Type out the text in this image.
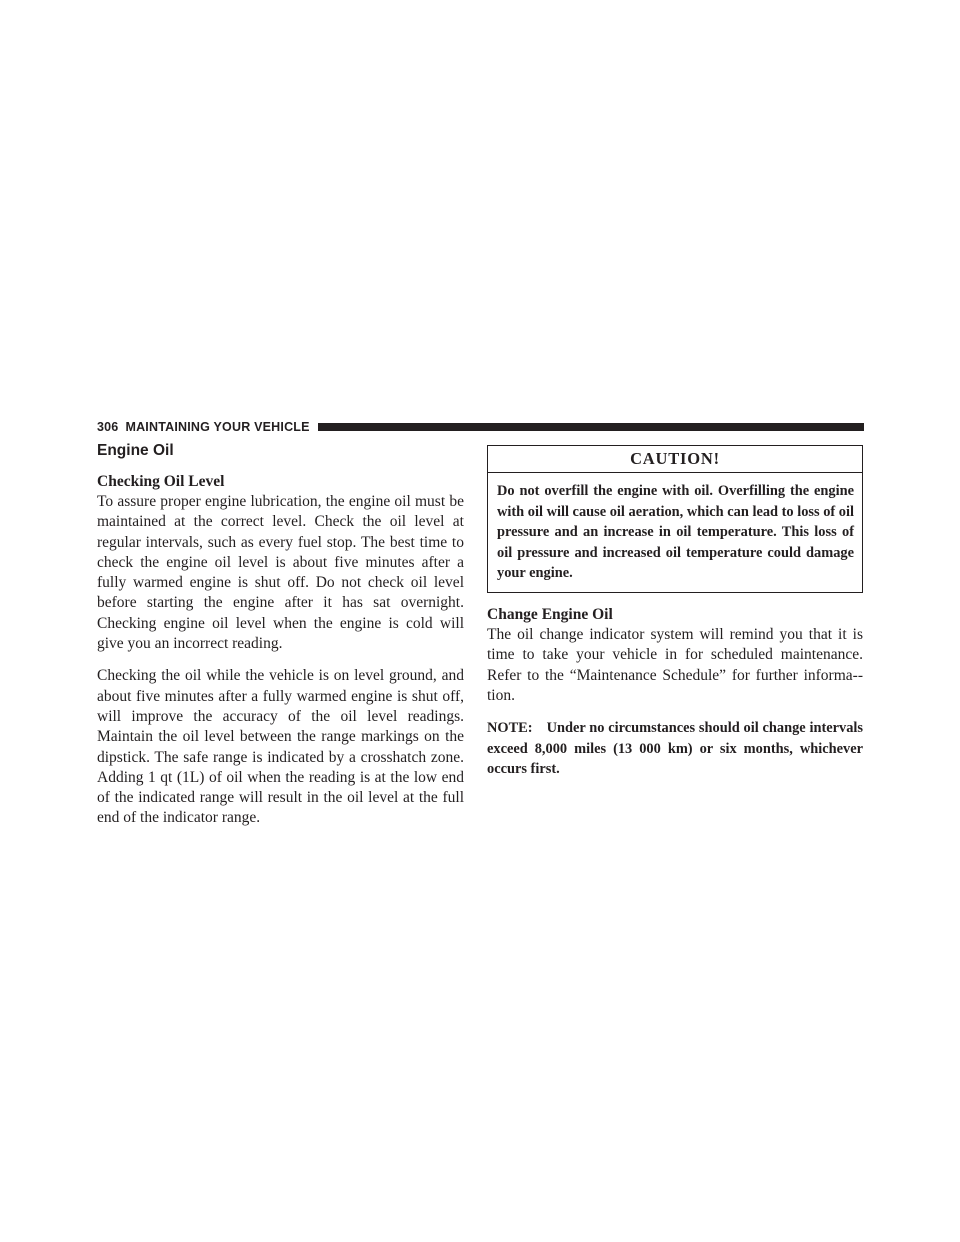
306 MAINTAINING YOUR VEHICLE
Engine Oil
Checking Oil Level

To assure proper engine lubrication, the engine oil must be maintained at the correct level. Check the oil level at regular intervals, such as every fuel stop. The best time to check the engine oil level is about five minutes after a fully warmed engine is shut off. Do not check oil level before starting the engine after it has sat overnight. Checking engine oil level when the engine is cold will give you an incorrect reading.

Checking the oil while the vehicle is on level ground, and about five minutes after a fully warmed engine is shut off, will improve the accuracy of the oil level readings. Maintain the oil level between the range markings on the dipstick. The safe range is indicated by a crosshatch zone. Adding 1 qt (1L) of oil when the reading is at the low end of the indicated range will result in the oil level at the full end of the indicator range.

CAUTION!

Do not overfill the engine with oil. Overfilling the engine with oil will cause oil aeration, which can lead to loss of oil pressure and an increase in oil temperature. This loss of oil pressure and increased oil temperature could damage your engine.

Change Engine Oil

The oil change indicator system will remind you that it is time to take your vehicle in for scheduled maintenance. Refer to the “Maintenance Schedule” for further informa-tion.

NOTE: Under no circumstances should oil change intervals exceed 8,000 miles (13 000 km) or six months, whichever occurs first.
